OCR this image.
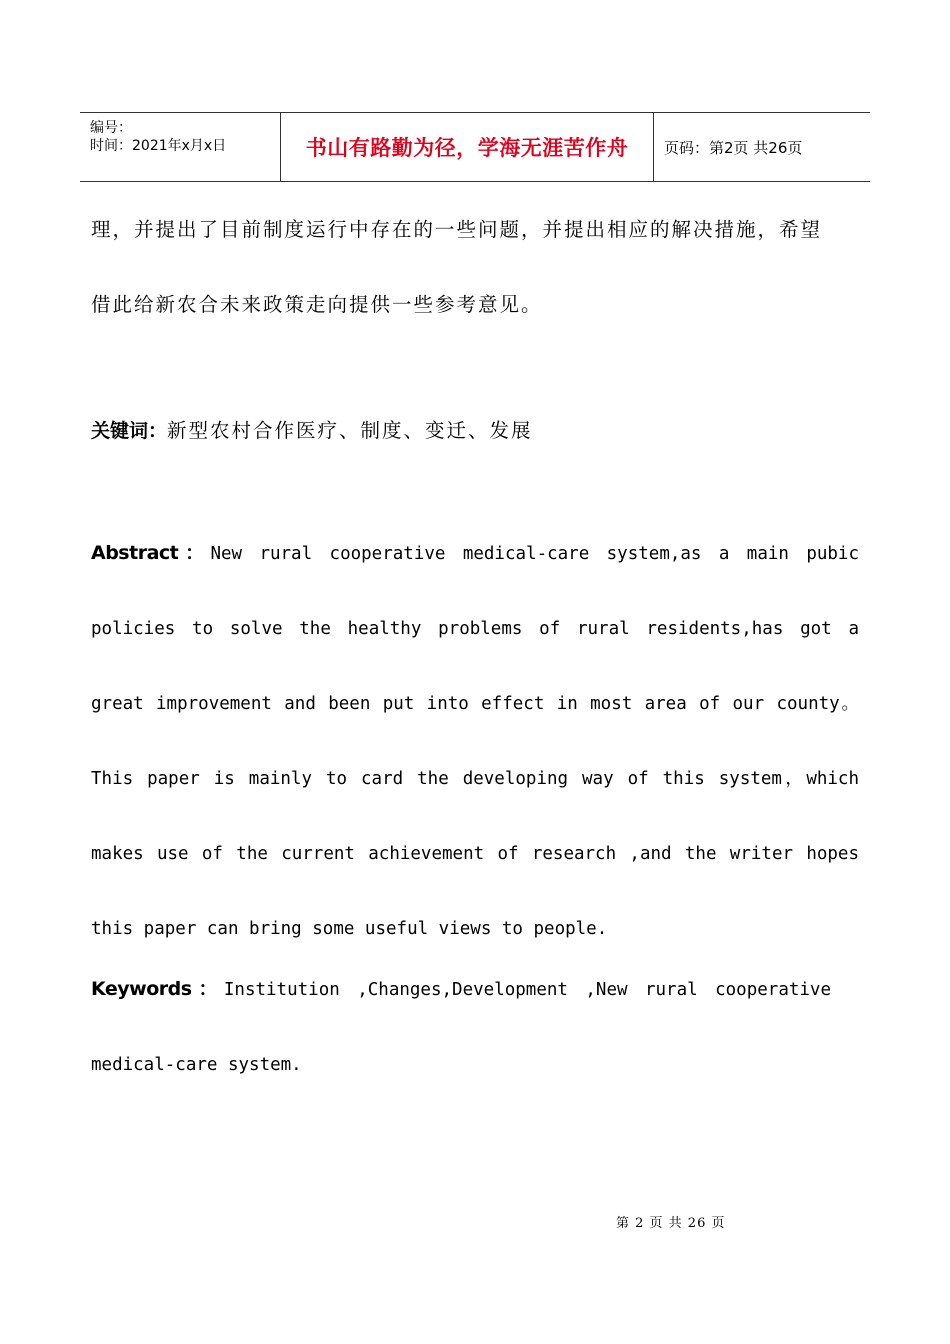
编号：
时间：2021年x月x日	书山有路勤为径，学海无涯苦作舟	页码：第2页 共26页

理，并提出了目前制度运行中存在的一些问题，并提出相应的解决措施，希望

借此给新农合未来政策走向提供一些参考意见。

关键词：新型农村合作医疗、制度、变迁、发展

Abstract：New rural cooperative medical-care system,as a main pubic policies to solve the healthy problems of rural residents,has got a great improvement and been put into effect in most area of our county。This paper is mainly to card the developing way of this system，which makes use of the current achievement of research ,and the writer hopes this paper can bring some useful views to people.

Keywords：Institution ,Changes,Development ,New rural cooperative medical-care system.

第 2 页 共 26 页
